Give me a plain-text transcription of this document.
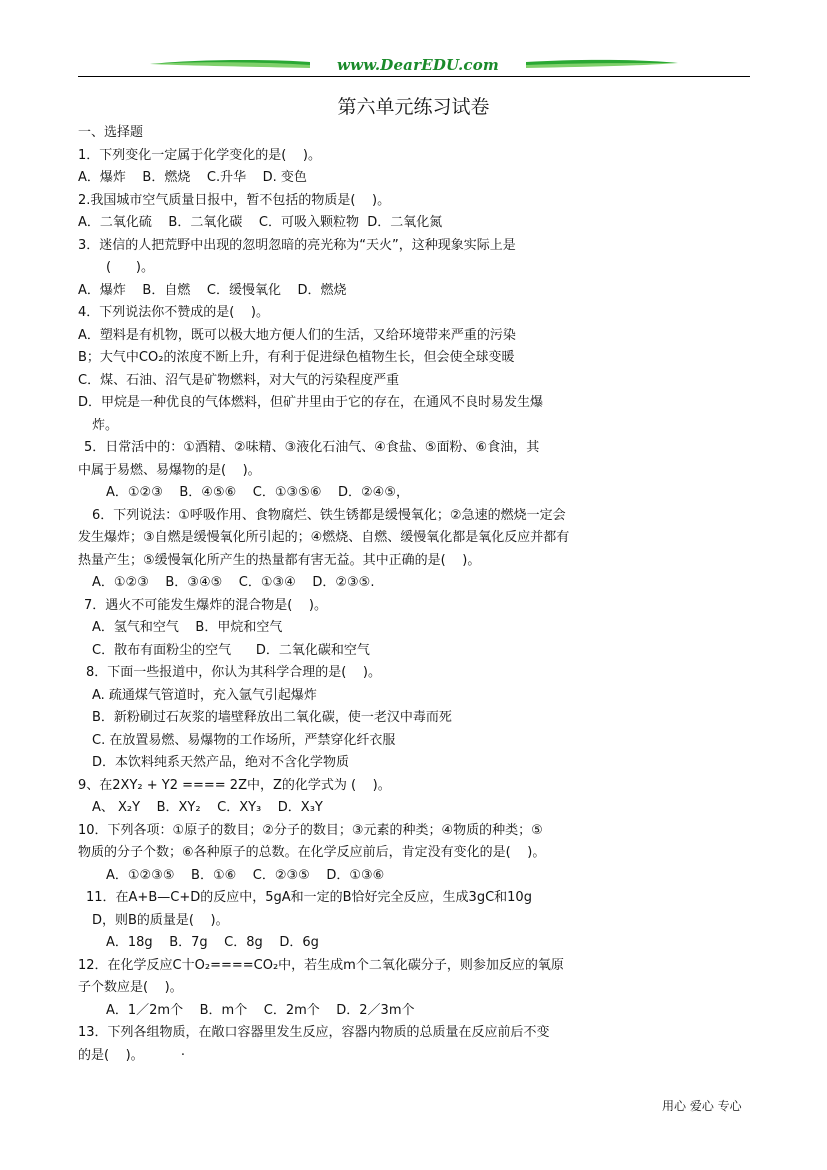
www.DearEDU.com
第六单元练习试卷
一、选择题
1．下列变化一定属于化学变化的是(    )。
A．爆炸    B．燃烧    C.升华    D. 变色
2.我国城市空气质量日报中，暂不包括的物质是(    )。
A．二氧化硫    B．二氧化碳    C．可吸入颗粒物  D．二氧化氮
3．迷信的人把荒野中出现的忽明忽暗的亮光称为“天火”，这种现象实际上是
(      )。
A．爆炸    B．自燃    C．缓慢氧化    D．燃烧
4．下列说法你不赞成的是(    )。
A．塑料是有机物，既可以极大地方便人们的生活，又给环境带来严重的污染
B；大气中CO₂的浓度不断上升，有利于促进绿色植物生长，但会使全球变暖
C．煤、石油、沼气是矿物燃料，对大气的污染程度严重
D．甲烷是一种优良的气体燃料，但矿井里由于它的存在，在通风不良时易发生爆
炸。
5．日常活中的：①酒精、②味精、③液化石油气、④食盐、⑤面粉、⑥食油，其
中属于易燃、易爆物的是(    )。
A．①②③    B．④⑤⑥    C．①③⑤⑥    D．②④⑤，
6．下列说法：①呼吸作用、食物腐烂、铁生锈都是缓慢氧化；②急速的燃烧一定会
发生爆炸；③自燃是缓慢氧化所引起的；④燃烧、自燃、缓慢氧化都是氧化反应并都有
热量产生；⑤缓慢氧化所产生的热量都有害无益。其中正确的是(    )。
A．①②③    B．③④⑤    C．①③④    D．②③⑤.
7．遇火不可能发生爆炸的混合物是(    )。
A．氢气和空气    B．甲烷和空气
C．散布有面粉尘的空气      D．二氧化碳和空气
8．下面一些报道中，你认为其科学合理的是(    )。
A. 疏通煤气管道时，充入氩气引起爆炸
B．新粉刷过石灰浆的墙壁释放出二氧化碳，使一老汉中毒而死
C. 在放置易燃、易爆物的工作场所，严禁穿化纤衣服
D．本饮料纯系天然产品，绝对不含化学物质
9、在2XY₂ + Y2 ==== 2Z中，Z的化学式为 (    )。
A、 X₂Y    B．XY₂    C．XY₃    D．X₃Y
10．下列各项：①原子的数目；②分子的数目；③元素的种类；④物质的种类；⑤
物质的分子个数；⑥各种原子的总数。在化学反应前后，肯定没有变化的是(    )。
A．①②③⑤    B．①⑥    C．②③⑤    D．①③⑥
11．在A+B—C+D的反应中，5gA和一定的B恰好完全反应，生成3gC和10g
D，则B的质量是(    )。
A．18g    B．7g    C．8g    D．6g
12．在化学反应C十O₂====CO₂中，若生成m个二氧化碳分子，则参加反应的氧原
子个数应是(    )。
A．1／2m个    B．m个    C．2m个    D．2／3m个
13．下列各组物质，在敞口容器里发生反应，容器内物质的总质量在反应前后不变
的是(    )。         ·
用心 爱心 专心
